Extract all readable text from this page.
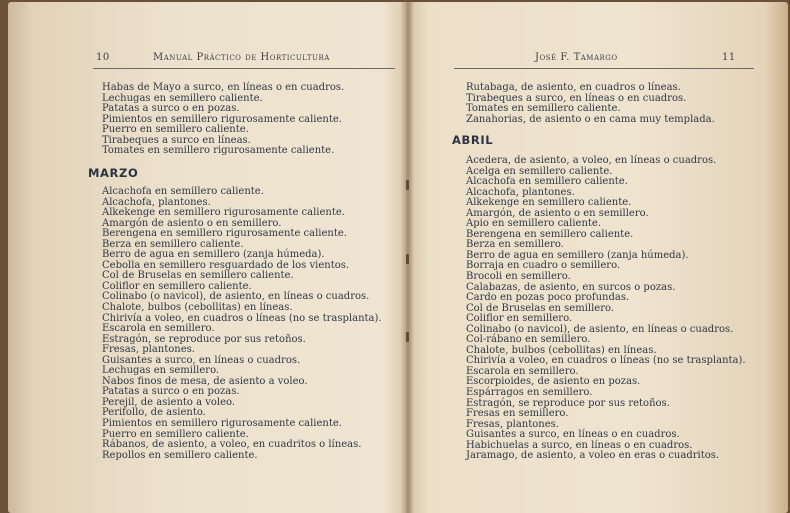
10	Manual Práctico de Horticultura
Habas de Mayo a surco, en líneas o en cuadros.
Lechugas en semillero caliente.
Patatas a surco o en pozas.
Pimientos en semillero rigurosamente caliente.
Puerro en semillero caliente.
Tirabeques a surco en líneas.
Tomates en semillero rigurosamente caliente.
MARZO
Alcachofa en semillero caliente.
Alcachofa, plantones.
Alkekenge en semillero rigurosamente caliente.
Amargón de asiento o en semillero.
Berengena en semillero rigurosamente caliente.
Berza en semillero caliente.
Berro de agua en semillero (zanja húmeda).
Cebolla en semillero resguardado de los vientos.
Col de Bruselas en semillero caliente.
Coliflor en semillero caliente.
Colinabo (o navicol), de asiento, en líneas o cuadros.
Chalote, bulbos (cebollitas) en líneas.
Chirivía a voleo, en cuadros o líneas (no se trasplanta).
Escarola en semillero.
Estragón, se reproduce por sus retoños.
Fresas, plantones.
Guisantes a surco, en líneas o cuadros.
Lechugas en semillero.
Nabos finos de mesa, de asiento a voleo.
Patatas a surco o en pozas.
Perejil, de asiento a voleo.
Perifollo, de asiento.
Pimientos en semillero rigurosamente caliente.
Puerro en semillero caliente.
Rábanos, de asiento, a voleo, en cuadritos o líneas.
Repollos en semillero caliente.
José F. Tamargo	11
Rutabaga, de asiento, en cuadros o líneas.
Tirabeques a surco, en líneas o en cuadros.
Tomates en semillero caliente.
Zanahorias, de asiento o en cama muy templada.
ABRIL
Acedera, de asiento, a voleo, en líneas o cuadros.
Acelga en semillero caliente.
Alcachofa en semillero caliente.
Alcachofa, plantones.
Alkekenge en semillero caliente.
Amargón, de asiento o en semillero.
Apio en semillero caliente.
Berengena en semillero caliente.
Berza en semillero.
Berro de agua en semillero (zanja húmeda).
Borraja en cuadro o semillero.
Brocoli en semillero.
Calabazas, de asiento, en surcos o pozas.
Cardo en pozas poco profundas.
Col de Bruselas en semillero.
Coliflor en semillero.
Colinabo (o navicol), de asiento, en líneas o cuadros.
Col-rábano en semillero.
Chalote, bulbos (cebollitas) en líneas.
Chirivía a voleo, en cuadros o líneas (no se trasplanta).
Escarola en semillero.
Escorpioides, de asiento en pozas.
Espárragos en semillero.
Estragón, se reproduce por sus retoños.
Fresas en semillero.
Fresas, plantones.
Guisantes a surco, en líneas o en cuadros.
Habichuelas a surco, en líneas o en cuadros.
Jaramago, de asiento, a voleo en eras o cuadritos.
